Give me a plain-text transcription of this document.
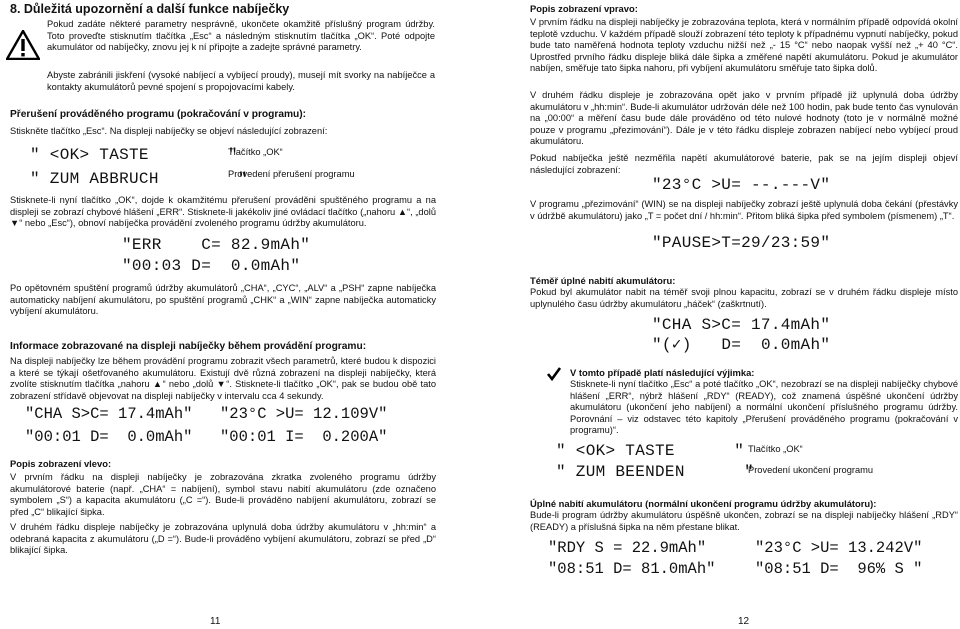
8. Důležitá upozornění a další funkce nabíječky

Pokud zadáte některé parametry nesprávně, ukončete okamžitě příslušný program údržby. Toto proveďte stisknutím tlačítka „Esc“ a následným stisknutím tlačítka „OK“. Poté odpojte akumulátor od nabíječky, znovu jej k ní připojte a zadejte správné parametry.

Abyste zabránili jiskření (vysoké nabíjecí a vybíjecí proudy), musejí mít svorky na nabíječce a kontakty akumulátorů pevné spojení s propojovacími kabely.

Přerušení prováděného programu (pokračování v programu):

Stiskněte tlačítko „Esc“. Na displeji nabíječky se objeví následující zobrazení:

" <OK> TASTE        "
Tlačítko „OK“
" ZUM ABBRUCH        "
Provedení přerušení programu

Stisknete-li nyní tlačítko „OK“, dojde k okamžitému přerušení prováděni spuštěného programu a na displeji se zobrazí chybové hlášení „ERR“. Stisknete-li jakékoliv jiné ovládací tlačítko („nahoru ▲“, „dolů ▼“ nebo „Esc“), obnoví nabíječka provádění zvoleného programu údržby akumulátoru.

"ERR    C= 82.9mAh"
"00:03 D=  0.0mAh"

Po opětovném spuštění programů údržby akumulátorů „CHA“, „CYC“, „ALV“ a „PSH“ zapne nabíječka automaticky nabíjení akumulátoru, po spuštění programů „CHK“ a „WIN“ zapne nabíječka automaticky vybíjení akumulátoru.

Informace zobrazované na displeji nabíječky během provádění programu:

Na displeji nabíječky lze během provádění programu zobrazit všech parametrů, které budou k dispozici a které se týkají ošetřovaného akumulátoru. Existují dvě různá zobrazení na displeji nabíječky, která zvolíte stisknutím tlačítka „nahoru ▲“ nebo „dolů ▼“. Stisknete-li tlačítko „OK“, pak se budou obě tato zobrazení střídavě objevovat na displeji nabíječky v intervalu cca 4 sekundy.

"CHA S>C= 17.4mAh"
"00:01 D=  0.0mAh"
"23°C >U= 12.109V"
"00:01 I=  0.200A"
Popis zobrazení vlevo:

V prvním řádku na displeji nabíječky je zobrazována zkratka zvoleného programu údržby akumulátorové baterie (např. „CHA“ = nabíjení), symbol stavu nabití akumulátoru (zde označeno symbolem „S“) a kapacita akumulátoru („C =“). Bude-li prováděno nabíjení akumulátoru, zobrazí se před „C“ blikající šipka.

V druhém řádku displeje nabíječky je zobrazována uplynulá doba údržby akumulátoru v „hh:min“ a odebraná kapacita z akumulátoru („D =“). Bude-li prováděno vybíjení akumulátoru, zobrazí se před „D“ blikající šipka.

11
Popis zobrazení vpravo:

V prvním řádku na displeji nabíječky je zobrazována teplota, která v normálním případě odpovídá okolní teplotě vzduchu. V každém případě slouží zobrazení této teploty k případnému vypnutí nabíječky, pokud bude tato naměřená hodnota teploty vzduchu nižší než „- 15 °C“ nebo naopak vyšší než „+ 40 °C“. Uprostřed prvního řádku displeje bliká dále šipka a změřené napětí akumulátoru. Pokud je akumulátor nabíjen, směřuje tato šipka nahoru, při vybíjení akumulátoru směřuje tato šipka dolů.

V druhém řádku displeje je zobrazována opět jako v prvním případě již uplynulá doba údržby akumulátoru v „hh:min“. Bude-li akumulátor udržován déle než 100 hodin, pak bude tento čas vynulován na „00:00“ a měření času bude dále prováděno od této nulové hodnoty (toto je v normálně možné pouze v programu „přezimování“). Dále je v této řádku displeje zobrazen nabíjecí nebo vybíjecí proud akumulátoru.

Pokud nabíječka ještě nezměřila napětí akumulátorové baterie, pak se na jejím displeji objeví následující zobrazení:

"23°C >U= --.---V"

V programu „přezimování“ (WIN) se na displeji nabíječky zobrazí ještě uplynulá doba čekání (přestávky v údržbě akumulátoru) jako „T = počet dní / hh:min“. Přitom bliká šipka před symbolem (písmenem) „T“.

"PAUSE>T=29/23:59"
Téměř úplné nabití akumulátoru:

Pokud byl akumulátor nabit na téměř svoji plnou kapacitu, zobrazí se v druhém řádku displeje místo uplynulého času údržby akumulátoru „háček“ (zaškrtnutí).

"CHA S>C= 17.4mAh"
"(✓)   D=  0.0mAh"
V tomto případě platí následující výjimka:

Stisknete-li nyní tlačítko „Esc“ a poté tlačítko „OK“, nezobrazí se na displeji nabíječky chybové hlášení „ERR“, nýbrž hlášení „RDY“ (READY), což znamená úspěšné ukončení údržby akumulátoru (ukončení jeho nabíjení) a normální ukončení příslušného programu údržby. Porovnání – viz odstavec této kapitoly „Přerušení prováděného programu (pokračování v programu)“.

" <OK> TASTE      " Tlačítko „OK“
" ZUM BEENDEN      "
Provedení ukončení programu
Úplné nabití akumulátoru (normální ukončení programu údržby akumulátoru):

Bude-li program údržby akumulátoru úspěšně ukončen, zobrazí se na displeji nabíječky hlášení „RDY“ (READY) a příslušná šipka na něm přestane blikat.

"RDY S = 22.9mAh"
"08:51 D= 81.0mAh"
"23°C >U= 13.242V"
"08:51 D=  96% S "
12
